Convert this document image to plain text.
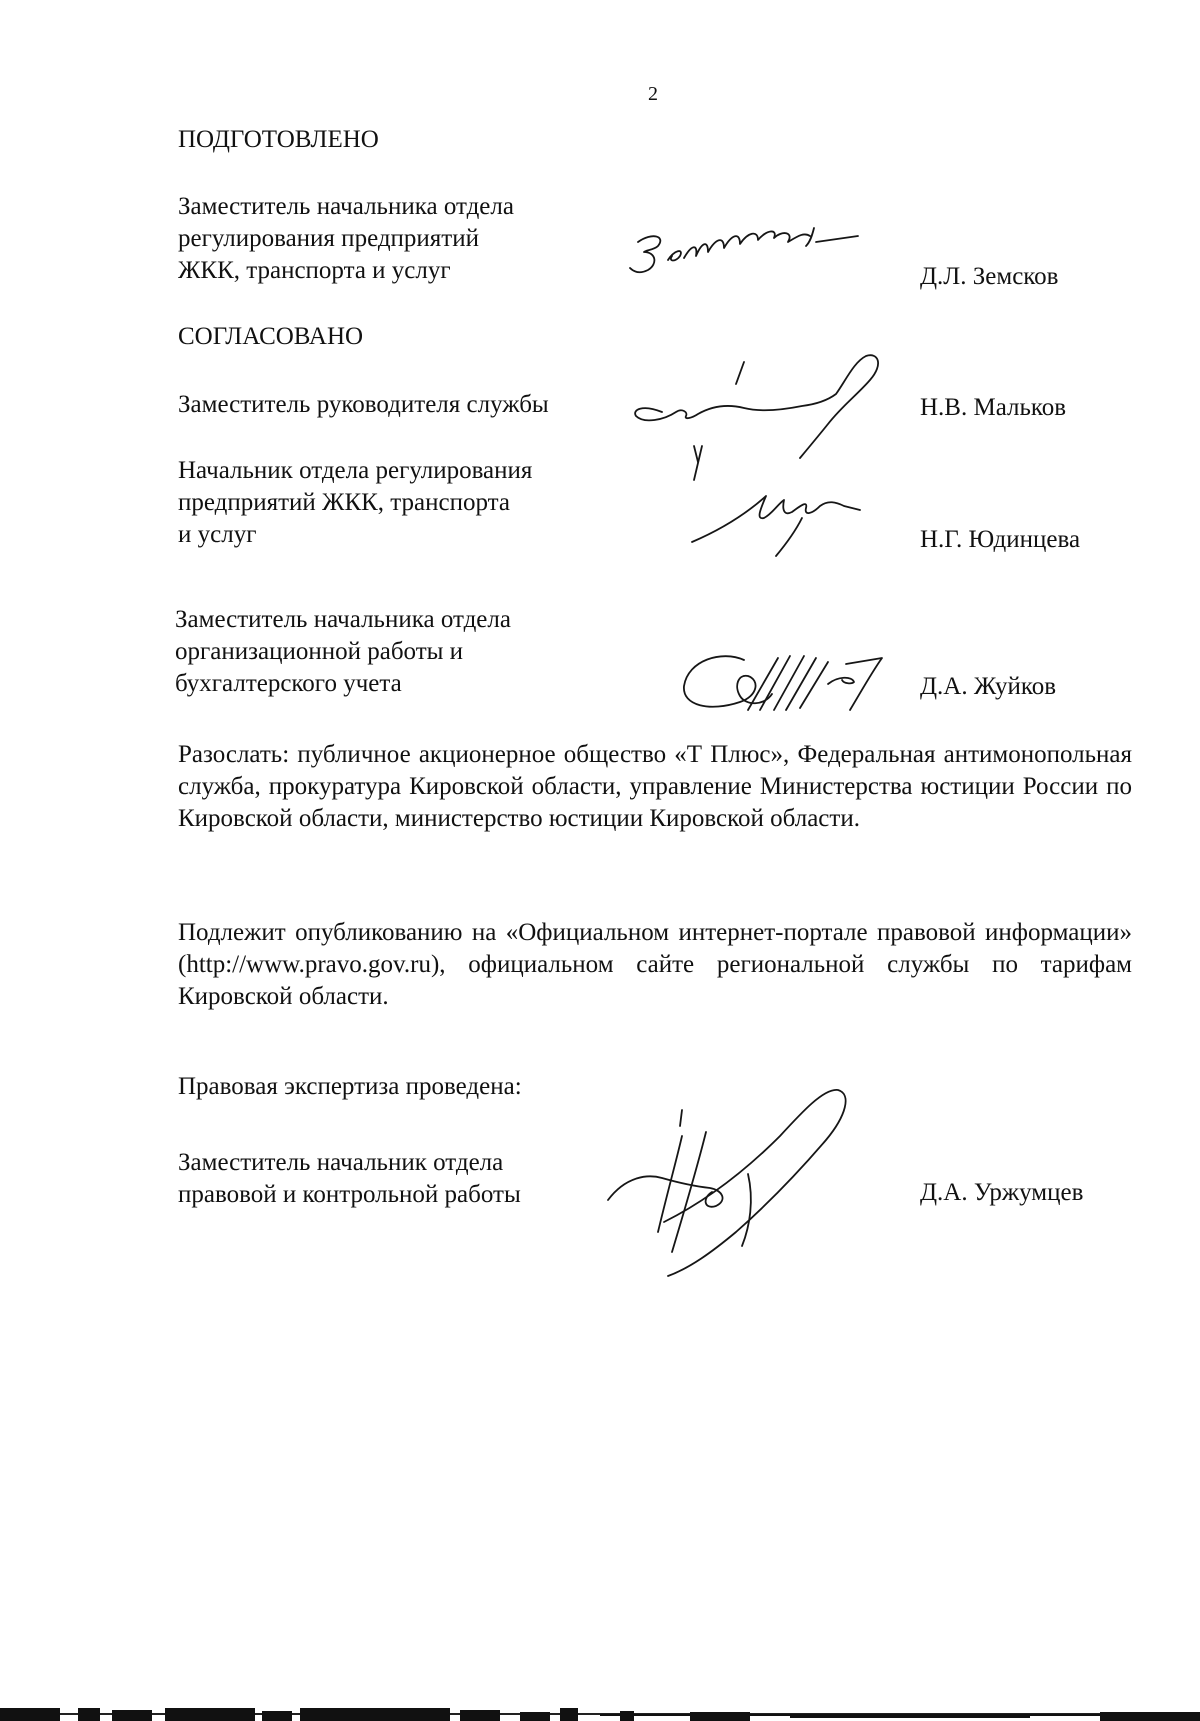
2
ПОДГОТОВЛЕНО
Заместитель начальника отдела
регулирования предприятий
ЖКК, транспорта и услуг	Д.Л. Земсков
СОГЛАСОВАНО
Заместитель руководителя службы	Н.В. Мальков
Начальник отдела регулирования
предприятий ЖКК, транспорта
и услуг	Н.Г. Юдинцева
Заместитель начальника отдела
организационной работы и
бухгалтерского учета	Д.А. Жуйков
Разослать: публичное акционерное общество «Т Плюс», Федеральная антимонопольная служба, прокуратура Кировской области, управление Министерства юстиции России по Кировской области, министерство юстиции Кировской области.
Подлежит опубликованию на «Официальном интернет-портале правовой информации» (http://www.pravo.gov.ru), официальном сайте региональной службы по тарифам Кировской области.
Правовая экспертиза проведена:
Заместитель начальник отдела
правовой и контрольной работы	Д.А. Уржумцев
